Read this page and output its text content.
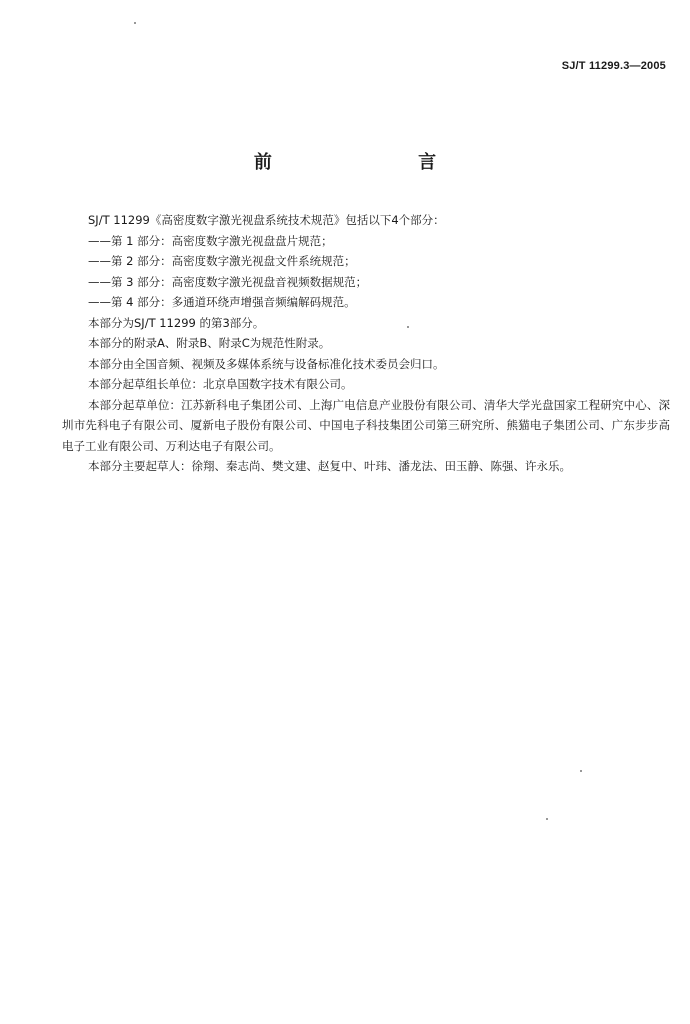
SJ/T 11299.3—2005
前 言

SJ/T 11299《高密度数字激光视盘系统技术规范》包括以下4个部分：

——第 1 部分：高密度数字激光视盘盘片规范；

——第 2 部分：高密度数字激光视盘文件系统规范；

——第 3 部分：高密度数字激光视盘音视频数据规范；

——第 4 部分：多通道环绕声增强音频编解码规范。

本部分为SJ/T 11299 的第3部分。

本部分的附录A、附录B、附录C为规范性附录。

本部分由全国音频、视频及多媒体系统与设备标准化技术委员会归口。

本部分起草组长单位：北京阜国数字技术有限公司。

本部分起草单位：江苏新科电子集团公司、上海广电信息产业股份有限公司、清华大学光盘国家工程研究中心、深圳市先科电子有限公司、厦新电子股份有限公司、中国电子科技集团公司第三研究所、熊猫电子集团公司、广东步步高电子工业有限公司、万利达电子有限公司。

本部分主要起草人：徐翔、秦志尚、樊文建、赵复中、叶玮、潘龙法、田玉静、陈强、许永乐。
